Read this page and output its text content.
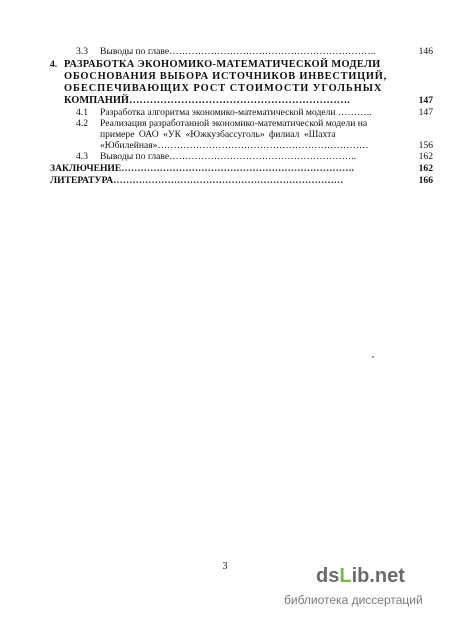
3.3 Выводы по главе………………………………………………………..	146
4. РАЗРАБОТКА ЭКОНОМИКО-МАТЕМАТИЧЕСКОЙ МОДЕЛИ
ОБОСНОВАНИЯ ВЫБОРА ИСТОЧНИКОВ ИНВЕСТИЦИЙ,
ОБЕСПЕЧИВАЮЩИХ РОСТ СТОИМОСТИ УГОЛЬНЫХ
КОМПАНИЙ……………………………………………………….	147
4.1 Разработка алгоритма экономико-математической модели ………..	147
4.2 Реализация разработанной экономико-математической модели на
примере ОАО «УК «Южкузбассуголь» филиал «Шахта
«Юбилейная»…………………………………………………………	156
4.3 Выводы по главе…………………………………………………..	162
ЗАКЛЮЧЕНИЕ……………………………………………………………….	162
ЛИТЕРАТУРА………………………………………………………………	166
3	dsLib.net
библиотека диссертаций
